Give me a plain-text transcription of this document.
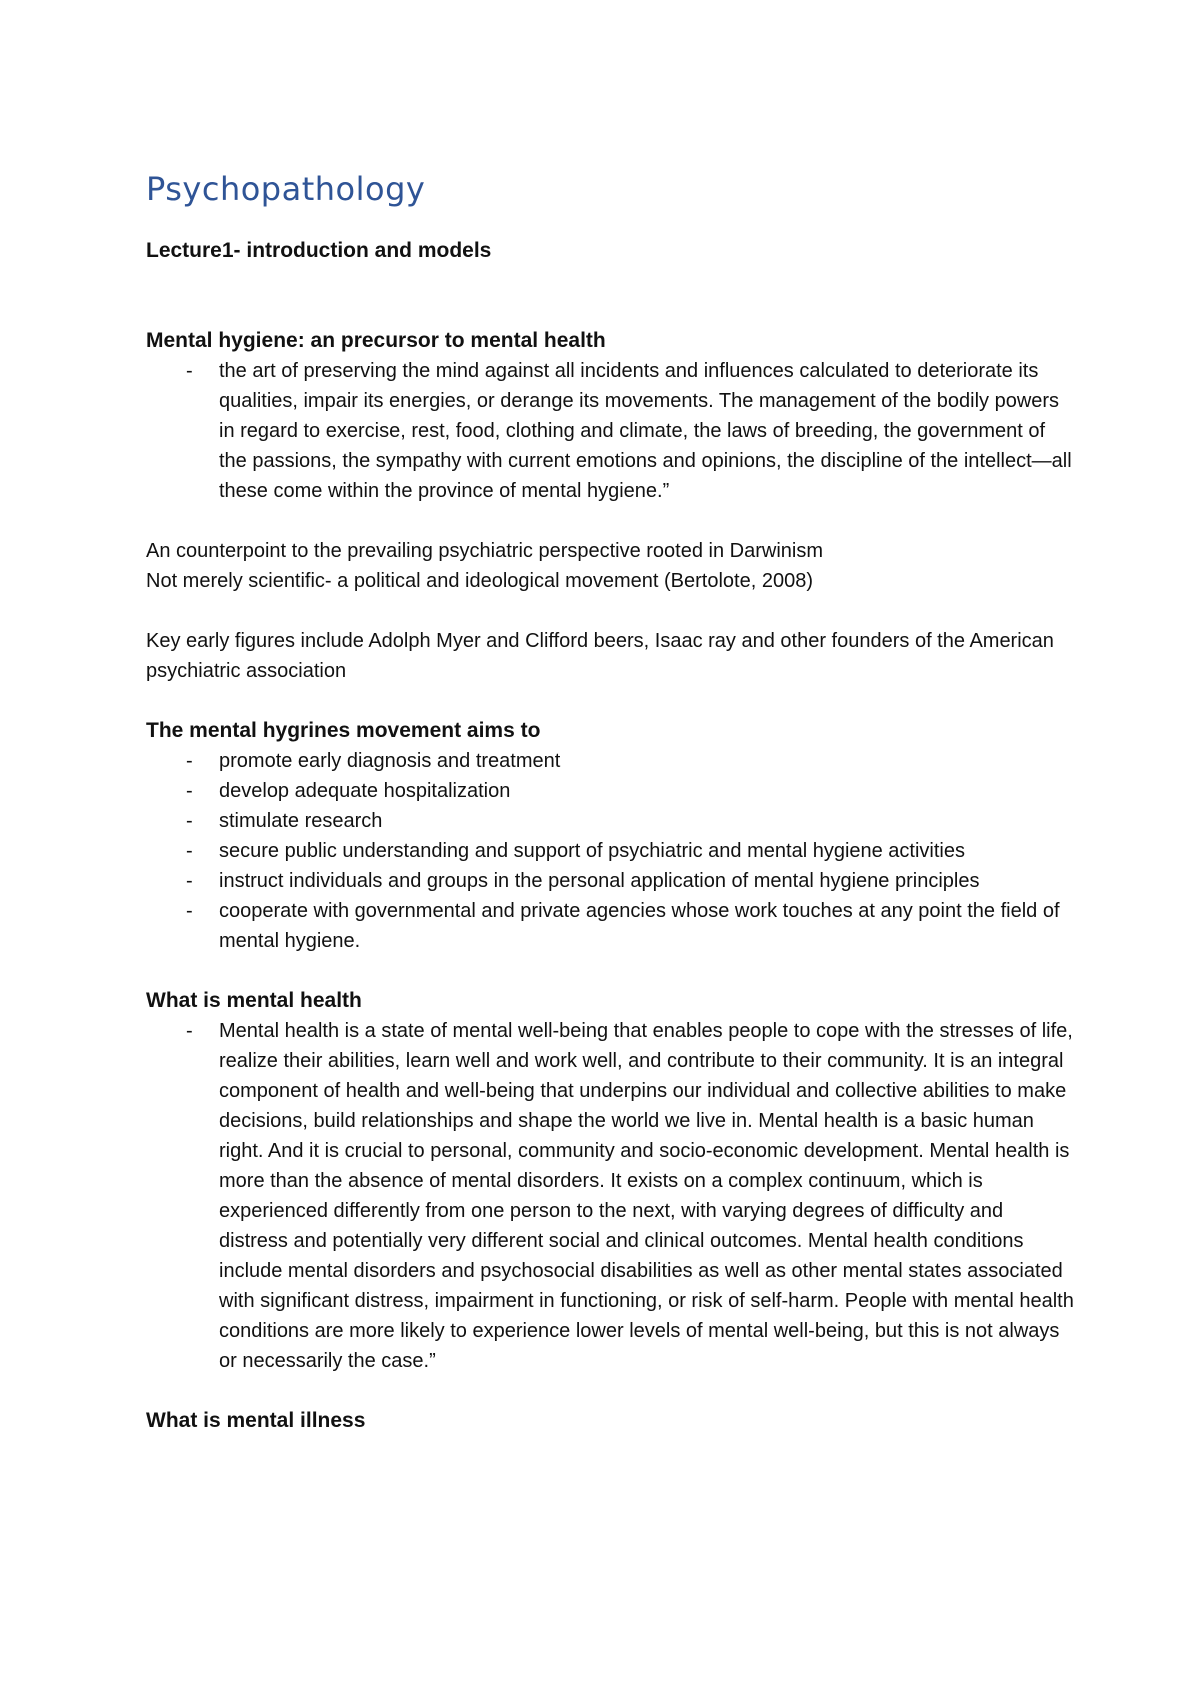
Psychopathology
Lecture1- introduction and models
Mental hygiene: an precursor to mental health
- the art of preserving the mind against all incidents and influences calculated to deteriorate its qualities, impair its energies, or derange its movements. The management of the bodily powers in regard to exercise, rest, food, clothing and climate, the laws of breeding, the government of the passions, the sympathy with current emotions and opinions, the discipline of the intellect—all these come within the province of mental hygiene.”

An counterpoint to the prevailing psychiatric perspective rooted in Darwinism

Not merely scientific- a political and ideological movement (Bertolote, 2008)

Key early figures include Adolph Myer and Clifford beers, Isaac ray and other founders of the American psychiatric association

The mental hygrines movement aims to
- promote early diagnosis and treatment
- develop adequate hospitalization
- stimulate research
- secure public understanding and support of psychiatric and mental hygiene activities
- instruct individuals and groups in the personal application of mental hygiene principles
- cooperate with governmental and private agencies whose work touches at any point the field of mental hygiene.
What is mental health
- Mental health is a state of mental well-being that enables people to cope with the stresses of life, realize their abilities, learn well and work well, and contribute to their community. It is an integral component of health and well-being that underpins our individual and collective abilities to make decisions, build relationships and shape the world we live in. Mental health is a basic human right. And it is crucial to personal, community and socio-economic development. Mental health is more than the absence of mental disorders. It exists on a complex continuum, which is experienced differently from one person to the next, with varying degrees of difficulty and distress and potentially very different social and clinical outcomes. Mental health conditions include mental disorders and psychosocial disabilities as well as other mental states associated with significant distress, impairment in functioning, or risk of self-harm. People with mental health conditions are more likely to experience lower levels of mental well-being, but this is not always or necessarily the case.”
What is mental illness
